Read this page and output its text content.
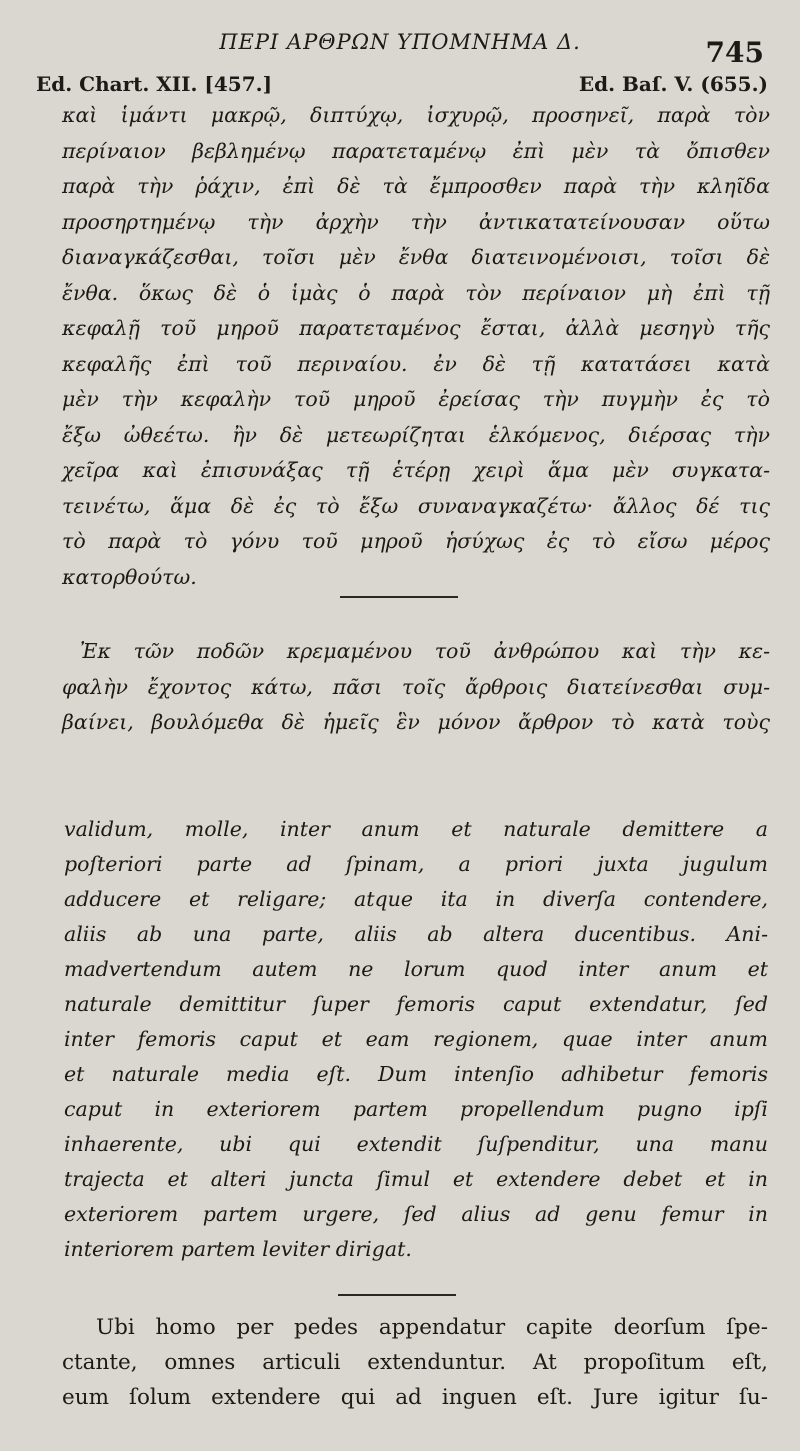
ΠΕΡΙ ΑΡΘΡΩΝ ΥΠΟΜΝΗΜΑ Δ.	745
Ed. Chart. XII. [457.]	Ed. Baſ. V. (655.)
καὶ ἱμάντι μακρῷ, διπτύχῳ, ἰσχυρῷ, προσηνεῖ, παρὰ τὸν
περίναιον βεβλημένῳ παρατεταμένῳ ἐπὶ μὲν τὰ ὄπισθεν
παρὰ τὴν ῥάχιν, ἐπὶ δὲ τὰ ἔμπροσθεν παρὰ τὴν κληῖδα
προσηρτημένῳ τὴν ἀρχὴν τὴν ἀντικατατείνουσαν οὕτω
διαναγκάζεσθαι, τοῖσι μὲν ἔνθα διατεινομένοισι, τοῖσι δὲ
ἔνθα. ὅκως δὲ ὁ ἱμὰς ὁ παρὰ τὸν περίναιον μὴ ἐπὶ τῇ
κεφαλῇ τοῦ μηροῦ παρατεταμένος ἔσται, ἀλλὰ μεσηγὺ τῆς
κεφαλῆς ἐπὶ τοῦ περιναίου. ἐν δὲ τῇ κατατάσει κατὰ
μὲν τὴν κεφαλὴν τοῦ μηροῦ ἐρείσας τὴν πυγμὴν ἐς τὸ
ἔξω ὠθεέτω. ἢν δὲ μετεωρίζηται ἑλκόμενος, διέρσας τὴν
χεῖρα καὶ ἐπισυνάξας τῇ ἑτέρῃ χειρὶ ἅμα μὲν συγκατα-
τεινέτω, ἅμα δὲ ἐς τὸ ἔξω συναναγκαζέτω· ἄλλος δέ τις
τὸ παρὰ τὸ γόνυ τοῦ μηροῦ ἡσύχως ἐς τὸ εἴσω μέρος
κατορθούτω.
Ἐκ τῶν ποδῶν κρεμαμένου τοῦ ἀνθρώπου καὶ τὴν κε-
φαλὴν ἔχοντος κάτω, πᾶσι τοῖς ἄρθροις διατείνεσθαι συμ-
βαίνει, βουλόμεθα δὲ ἡμεῖς ἓν μόνον ἄρθρον τὸ κατὰ τοὺς
validum, molle, inter anum et naturale demittere a
poſteriori parte ad ſpinam, a priori juxta jugulum
adducere et religare; atque ita in diverſa contendere,
aliis ab una parte, aliis ab altera ducentibus. Ani-
madvertendum autem ne lorum quod inter anum et
naturale demittitur ſuper femoris caput extendatur, ſed
inter femoris caput et eam regionem, quae inter anum
et naturale media eſt. Dum intenſio adhibetur femoris
caput in exteriorem partem propellendum pugno ipſi
inhaerente, ubi qui extendit ſuſpenditur, una manu
trajecta et alteri juncta ſimul et extendere debet et in
exteriorem partem urgere, ſed alius ad genu femur in
interiorem partem leviter dirigat.
Ubi homo per pedes appendatur capite deorſum ſpe-
ctante, omnes articuli extenduntur. At propoſitum eſt,
eum ſolum extendere qui ad inguen eſt. Jure igitur ſu-
